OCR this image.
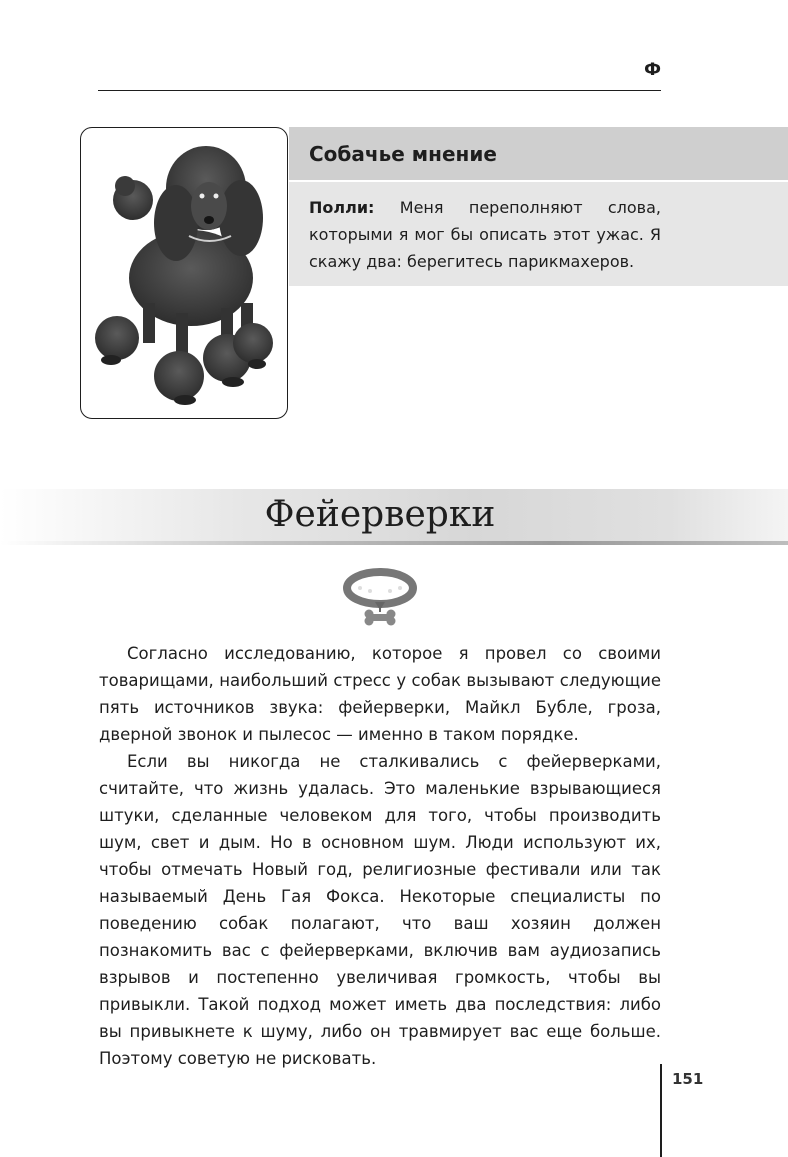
Ф
Собачье мнение
Полли: Меня переполняют слова, которыми я мог бы описать этот ужас. Я скажу два: берегитесь парикмахеров.
Фейерверки

Согласно исследованию, которое я провел со своими товарищами, наибольший стресс у собак вызывают следующие пять источников звука: фейерверки, Майкл Бубле, гроза, дверной звонок и пылесос — именно в таком порядке.

Если вы никогда не сталкивались с фейерверками, считайте, что жизнь удалась. Это маленькие взрывающиеся штуки, сделанные человеком для того, чтобы производить шум, свет и дым. Но в основном шум. Люди используют их, чтобы отмечать Новый год, религиозные фестивали или так называемый День Гая Фокса. Некоторые специалисты по поведению собак полагают, что ваш хозяин должен познакомить вас с фейерверками, включив вам аудиозапись взрывов и постепенно увеличивая громкость, чтобы вы привыкли. Такой подход может иметь два последствия: либо вы привыкнете к шуму, либо он травмирует вас еще больше. Поэтому советую не рисковать.

151
